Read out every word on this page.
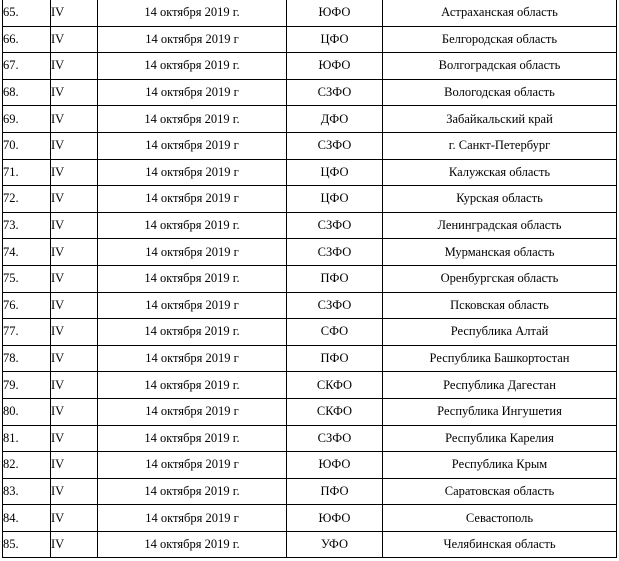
65.	IV	14 октября 2019 г.	ЮФО	Астраханская область
66.	IV	14 октября 2019 г	ЦФО	Белгородская область
67.	IV	14 октября 2019 г.	ЮФО	Волгоградская область
68.	IV	14 октября 2019 г	СЗФО	Вологодская область
69.	IV	14 октября 2019 г.	ДФО	Забайкальский край
70.	IV	14 октября 2019 г	СЗФО	г. Санкт-Петербург
71.	IV	14 октября 2019 г	ЦФО	Калужская область
72.	IV	14 октября 2019 г	ЦФО	Курская область
73.	IV	14 октября 2019 г.	СЗФО	Ленинградская область
74.	IV	14 октября 2019 г	СЗФО	Мурманская область
75.	IV	14 октября 2019 г.	ПФО	Оренбургская область
76.	IV	14 октября 2019 г	СЗФО	Псковская область
77.	IV	14 октября 2019 г.	СФО	Республика Алтай
78.	IV	14 октября 2019 г	ПФО	Республика Башкортостан
79.	IV	14 октября 2019 г.	СКФО	Республика Дагестан
80.	IV	14 октября 2019 г	СКФО	Республика Ингушетия
81.	IV	14 октября 2019 г.	СЗФО	Республика Карелия
82.	IV	14 октября 2019 г	ЮФО	Республика Крым
83.	IV	14 октября 2019 г.	ПФО	Саратовская область
84.	IV	14 октября 2019 г	ЮФО	Севастополь
85.	IV	14 октября 2019 г.	УФО	Челябинская область
